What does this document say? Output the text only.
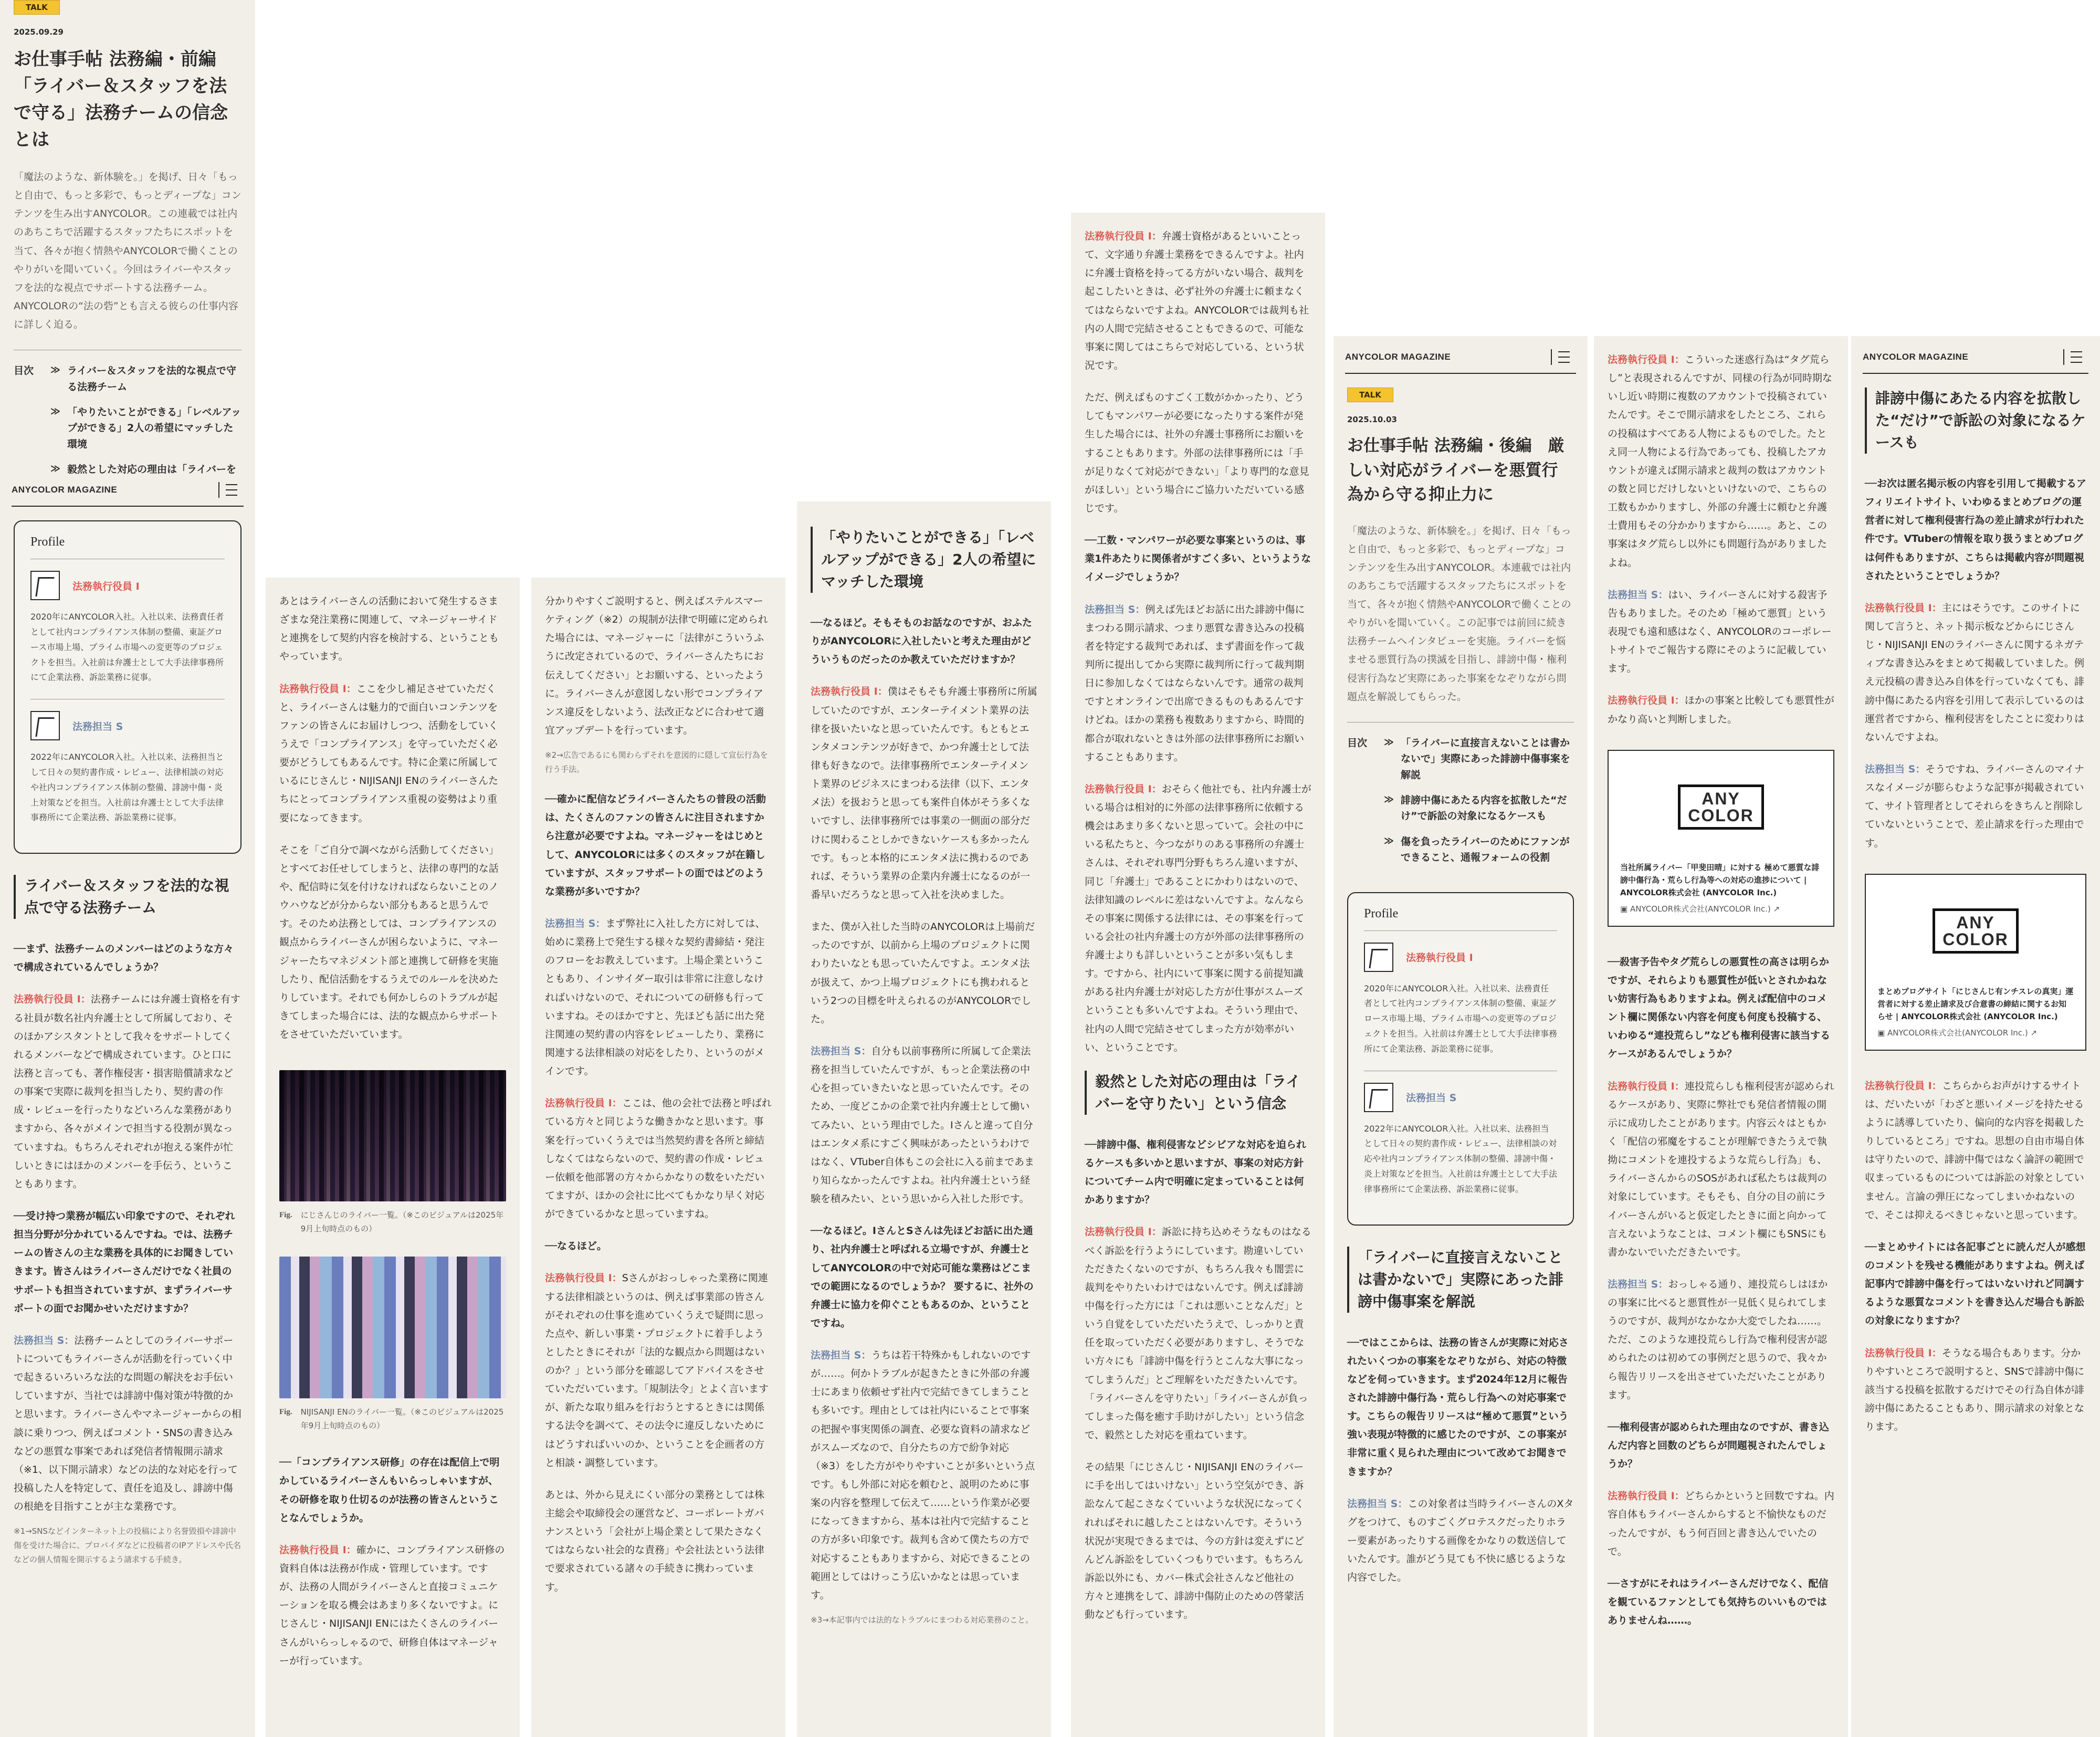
TALK
2025.09.29
お仕事手帖 法務編・前編 「ライバー＆スタッフを法で守る」法務チームの信念とは
「魔法のような、新体験を。」を掲げ、日々「もっと自由で、もっと多彩で、もっとディープな」コンテンツを生み出すANYCOLOR。この連載では社内のあちこちで活躍するスタッフたちにスポットを当て、各々が抱く情熱やANYCOLORで働くことのやりがいを聞いていく。今回はライバーやスタッフを法的な視点でサポートする法務チーム。ANYCOLORの“法の砦”とも言える彼らの仕事内容に詳しく迫る。
目次	≫ ライバー＆スタッフを法的な視点で守る法務チーム
≫ 「やりたいことができる」「レベルアップができる」2人の希望にマッチした環境
≫ 毅然とした対応の理由は「ライバーを
ANYCOLOR MAGAZINE
Profile
法務執行役員 I
2020年にANYCOLOR入社。入社以来、法務責任者として社内コンプライアンス体制の整備、東証グロース市場上場、プライム市場への変更等のプロジェクトを担当。入社前は弁護士として大手法律事務所にて企業法務、訴訟業務に従事。
法務担当 S
2022年にANYCOLOR入社。入社以来、法務担当として日々の契約書作成・レビュー、法律相談の対応や社内コンプライアンス体制の整備、誹謗中傷・炎上対策などを担当。入社前は弁護士として大手法律事務所にて企業法務、訴訟業務に従事。
ライバー＆スタッフを法的な視点で守る法務チーム

──まず、法務チームのメンバーはどのような方々で構成されているんでしょうか？

法務執行役員 I：法務チームには弁護士資格を有する社員が数名社内弁護士として所属しており、そのほかアシスタントとして我々をサポートしてくれるメンバーなどで構成されています。ひと口に法務と言っても、著作権侵害・損害賠償請求などの事案で実際に裁判を担当したり、契約書の作成・レビューを行ったりなどいろんな業務がありますから、各々がメインで担当する役割が異なっていますね。もちろんそれぞれが抱える案件が忙しいときにはほかのメンバーを手伝う、ということもあります。

──受け持つ業務が幅広い印象ですので、それぞれ担当分野が分かれているんですね。では、法務チームの皆さんの主な業務を具体的にお聞きしていきます。皆さんはライバーさんだけでなく社員のサポートも担当されていますが、まずライバーサポートの面でお聞かせいただけますか？

法務担当 S：法務チームとしてのライバーサポートについてもライバーさんが活動を行っていく中で起きるいろいろな法的な問題の解決をお手伝いしていますが、当社では誹謗中傷対策が特徴的かと思います。ライバーさんやマネージャーからの相談に乗りつつ、例えばコメント・SNSの書き込みなどの悪質な事案であれば発信者情報開示請求（※1、以下開示請求）などの法的な対応を行って投稿した人を特定して、責任を追及し、誹謗中傷の根絶を目指すことが主な業務です。

※1→SNSなどインターネット上の投稿により名誉毀損や誹謗中傷を受けた場合に、プロバイダなどに投稿者のIPアドレスや氏名などの個人情報を開示するよう請求する手続き。

あとはライバーさんの活動において発生するさまざまな発注業務に関連して、マネージャーサイドと連携をして契約内容を検討する、ということもやっています。

法務執行役員 I：ここを少し補足させていただくと、ライバーさんは魅力的で面白いコンテンツをファンの皆さんにお届けしつつ、活動をしていくうえで「コンプライアンス」を守っていただく必要がどうしてもあるんです。特に企業に所属しているにじさんじ・NIJISANJI ENのライバーさんたちにとってコンプライアンス重視の姿勢はより重要になってきます。

そこを「ご自分で調べながら活動してください」とすべてお任せしてしまうと、法律の専門的な話や、配信時に気を付けなければならないことのノウハウなどが分からない部分もあると思うんです。そのため法務としては、コンプライアンスの観点からライバーさんが困らないように、マネージャーたちマネジメント部と連携して研修を実施したり、配信活動をするうえでのルールを決めたりしています。それでも何かしらのトラブルが起きてしまった場合には、法的な観点からサポートをさせていただいています。

Fig. にじさんじのライバー一覧。（※このビジュアルは2025年9月上旬時点のもの）
Fig. NIJISANJI ENのライバー一覧。（※このビジュアルは2025年9月上旬時点のもの）

──「コンプライアンス研修」の存在は配信上で明かしているライバーさんもいらっしゃいますが、その研修を取り仕切るのが法務の皆さんということなんでしょうか。

法務執行役員 I：確かに、コンプライアンス研修の資料自体は法務が作成・管理しています。ですが、法務の人間がライバーさんと直接コミュニケーションを取る機会はあまり多くないですよ。にじさんじ・NIJISANJI ENにはたくさんのライバーさんがいらっしゃるので、研修自体はマネージャーが行っています。

分かりやすくご説明すると、例えばステルスマーケティング（※2）の規制が法律で明確に定められた場合には、マネージャーに「法律がこういうふうに改定されているので、ライバーさんたちにお伝えしてください」とお願いする、といったように。ライバーさんが意図しない形でコンプライアンス違反をしないよう、法改正などに合わせて適宜アップデートを行っています。

※2→広告であるにも関わらずそれを意図的に隠して宣伝行為を行う手法。

──確かに配信などライバーさんたちの普段の活動は、たくさんのファンの皆さんに注目されますから注意が必要ですよね。マネージャーをはじめとして、ANYCOLORには多くのスタッフが在籍していますが、スタッフサポートの面ではどのような業務が多いですか？

法務担当 S：まず弊社に入社した方に対しては、始めに業務上で発生する様々な契約書締結・発注のフローをお教えしています。上場企業ということもあり、インサイダー取引は非常に注意しなければいけないので、それについての研修も行っていますね。そのほかですと、先ほども話に出た発注関連の契約書の内容をレビューしたり、業務に関連する法律相談の対応をしたり、というのがメインです。

法務執行役員 I：ここは、他の会社で法務と呼ばれている方々と同じような働きかなと思います。事案を行っていくうえでは当然契約書を各所と締結しなくてはならないので、契約書の作成・レビュー依頼を他部署の方々からかなりの数をいただいてますが、ほかの会社に比べてもかなり早く対応ができているかなと思っていますね。

──なるほど。

法務執行役員 I：Sさんがおっしゃった業務に関連する法律相談というのは、例えば事業部の皆さんがそれぞれの仕事を進めていくうえで疑問に思った点や、新しい事業・プロジェクトに着手しようとしたときにそれが「法的な観点から問題はないのか？」という部分を確認してアドバイスをさせていただいています。「規制法令」とよく言いますが、新たな取り組みを行おうとするときには関係する法令を調べて、その法令に違反しないためにはどうすればいいのか、ということを企画者の方と相談・調整しています。

あとは、外から見えにくい部分の業務としては株主総会や取締役会の運営など、コーポレートガバナンスという「会社が上場企業として果たさなくてはならない社会的な責務」や会社法という法律で要求されている諸々の手続きに携わっています。

「やりたいことができる」「レベルアップができる」2人の希望にマッチした環境

──なるほど。そもそものお話なのですが、おふたりがANYCOLORに入社したいと考えた理由がどういうものだったのか教えていただけますか？

法務執行役員 I：僕はそもそも弁護士事務所に所属していたのですが、エンターテイメント業界の法律を扱いたいなと思っていたんです。もともとエンタメコンテンツが好きで、かつ弁護士として法律も好きなので。法律事務所でエンターテイメント業界のビジネスにまつわる法律（以下、エンタメ法）を扱おうと思っても案件自体がそう多くないですし、法律事務所では事業の一側面の部分だけに関わることしかできないケースも多かったんです。もっと本格的にエンタメ法に携わるのであれば、そういう業界の企業内弁護士になるのが一番早いだろうなと思って入社を決めました。

また、僕が入社した当時のANYCOLORは上場前だったのですが、以前から上場のプロジェクトに関わりたいなとも思っていたんですよ。エンタメ法が扱えて、かつ上場プロジェクトにも携われるという2つの目標を叶えられるのがANYCOLORでした。

法務担当 S：自分も以前事務所に所属して企業法務を担当していたんですが、もっと企業法務の中心を担っていきたいなと思っていたんです。そのため、一度どこかの企業で社内弁護士として働いてみたい、という理由でした。Iさんと違って自分はエンタメ系にすごく興味があったというわけではなく、VTuber自体もこの会社に入る前まであまり知らなかったんですよね。社内弁護士という経験を積みたい、という思いから入社した形です。

──なるほど。IさんとSさんは先ほどお話に出た通り、社内弁護士と呼ばれる立場ですが、弁護士としてANYCOLORの中で対応可能な業務はどこまでの範囲になるのでしょうか？ 要するに、社外の弁護士に協力を仰ぐこともあるのか、ということですね。

法務担当 S：うちは若干特殊かもしれないのですが……。何かトラブルが起きたときに外部の弁護士にあまり依頼せず社内で完結できてしまうことも多いです。理由としては社内にいることで事案の把握や事実関係の調査、必要な資料の請求などがスムーズなので、自分たちの方で紛争対応（※3）をした方がやりやすいことが多いという点です。もし外部に対応を頼むと、説明のために事案の内容を整理して伝えて……という作業が必要になってきますから、基本は社内で完結することの方が多い印象です。裁判も含めて僕たちの方で対応することもありますから、対応できることの範囲としてはけっこう広いかなとは思っています。

※3→本記事内では法的なトラブルにまつわる対応業務のこと。

法務執行役員 I：弁護士資格があるといいことって、文字通り弁護士業務をできるんですよ。社内に弁護士資格を持ってる方がいない場合、裁判を起こしたいときは、必ず社外の弁護士に頼まなくてはならないですよね。ANYCOLORでは裁判も社内の人間で完結させることもできるので、可能な事案に関してはこちらで対応している、という状況です。

ただ、例えばものすごく工数がかかったり、どうしてもマンパワーが必要になったりする案件が発生した場合には、社外の弁護士事務所にお願いをすることもあります。外部の法律事務所には「手が足りなくて対応ができない」「より専門的な意見がほしい」という場合にご協力いただいている感じです。

──工数・マンパワーが必要な事案というのは、事業1件あたりに関係者がすごく多い、というようなイメージでしょうか？

法務担当 S：例えば先ほどお話に出た誹謗中傷にまつわる開示請求、つまり悪質な書き込みの投稿者を特定する裁判であれば、まず書面を作って裁判所に提出してから実際に裁判所に行って裁判期日に参加しなくてはならないんです。通常の裁判ですとオンラインで出席できるものもあるんですけどね。ほかの業務も複数ありますから、時間的都合が取れないときは外部の法律事務所にお願いすることもあります。

法務執行役員 I：おそらく他社でも、社内弁護士がいる場合は相対的に外部の法律事務所に依頼する機会はあまり多くないと思っていて。会社の中にいる私たちと、今つながりのある事務所の弁護士さんは、それぞれ専門分野もちろん違いますが、同じ「弁護士」であることにかわりはないので、法律知識のレベルに差はないんですよ。なんならその事案に関係する法律には、その事案を行っている会社の社内弁護士の方が外部の法律事務所の弁護士よりも詳しいということが多い気もします。ですから、社内にいて事案に関する前提知識がある社内弁護士が対応した方が仕事がスムーズということも多いんですよね。そういう理由で、社内の人間で完結させてしまった方が効率がいい、ということです。

毅然とした対応の理由は「ライバーを守りたい」という信念

──誹謗中傷、権利侵害などシビアな対応を迫られるケースも多いかと思いますが、事案の対応方針についてチーム内で明確に定まっていることは何かありますか？

法務執行役員 I：訴訟に持ち込めそうなものはなるべく訴訟を行うようにしています。勘違いしていただきたくないのですが、もちろん我々も闇雲に裁判をやりたいわけではないんです。例えば誹謗中傷を行った方には「これは悪いことなんだ」という自覚をしていただいたうえで、しっかりと責任を取っていただく必要がありますし、そうでない方々にも「誹謗中傷を行うとこんな大事になってしまうんだ」とご理解をいただきたいんです。「ライバーさんを守りたい」「ライバーさんが負ってしまった傷を癒す手助けがしたい」という信念で、毅然とした対応を重ねています。

その結果「にじさんじ・NIJISANJI ENのライバーに手を出してはいけない」という空気ができ、訴訟なんて起こさなくていいような状況になってくれればそれに越したことはないんです。そういう状況が実現できるまでは、今の方針は変えずにどんどん訴訟をしていくつもりでいます。もちろん訴訟以外にも、カバー株式会社さんなど他社の方々と連携をして、誹謗中傷防止のための啓蒙活動なども行っています。

ANYCOLOR MAGAZINE
TALK
2025.10.03
お仕事手帖 法務編・後編　厳しい対応がライバーを悪質行為から守る抑止力に
「魔法のような、新体験を。」を掲げ、日々「もっと自由で、もっと多彩で、もっとディープな」コンテンツを生み出すANYCOLOR。本連載では社内のあちこちで活躍するスタッフたちにスポットを当て、各々が抱く情熱やANYCOLORで働くことのやりがいを聞いていく。この記事では前回に続き法務チームへインタビューを実施。ライバーを悩ませる悪質行為の撲滅を目指し、誹謗中傷・権利侵害行為など実際にあった事案をなぞりながら問題点を解説してもらった。
目次	≫ 「ライバーに直接言えないことは書かないで」実際にあった誹謗中傷事案を解説
≫ 誹謗中傷にあたる内容を拡散した“だけ”で訴訟の対象になるケースも
≫ 傷を負ったライバーのためにファンができること、通報フォームの役割
Profile
法務執行役員 I
2020年にANYCOLOR入社。入社以来、法務責任者として社内コンプライアンス体制の整備、東証グロース市場上場、プライム市場への変更等のプロジェクトを担当。入社前は弁護士として大手法律事務所にて企業法務、訴訟業務に従事。
法務担当 S
2022年にANYCOLOR入社。入社以来、法務担当として日々の契約書作成・レビュー、法律相談の対応や社内コンプライアンス体制の整備、誹謗中傷・炎上対策などを担当。入社前は弁護士として大手法律事務所にて企業法務、訴訟業務に従事。
「ライバーに直接言えないことは書かないで」実際にあった誹謗中傷事案を解説

──ではここからは、法務の皆さんが実際に対応されたいくつかの事案をなぞりながら、対応の特徴などを伺っていきます。まず2024年12月に報告された誹謗中傷行為・荒らし行為への対応事案です。こちらの報告リリースは“極めて悪質”という強い表現が特徴的に感じたのですが、この事案が非常に重く見られた理由について改めてお聞きできますか？

法務担当 S：この対象者は当時ライバーさんのXタグをつけて、ものすごくグロテスクだったりホラー要素があったりする画像をかなりの数送信していたんです。誰がどう見ても不快に感じるような内容でした。

法務執行役員 I：こういった迷惑行為は“タグ荒らし”と表現されるんですが、同様の行為が同時期ないし近い時期に複数のアカウントで投稿されていたんです。そこで開示請求をしたところ、これらの投稿はすべてある人物によるものでした。たとえ同一人物による行為であっても、投稿したアカウントが違えば開示請求と裁判の数はアカウントの数と同じだけしないといけないので、こちらの工数もかかりますし、外部の弁護士に頼むと弁護士費用もその分かかりますから……。あと、この事案はタグ荒らし以外にも問題行為がありましたよね。

法務担当 S：はい、ライバーさんに対する殺害予告もありました。そのため「極めて悪質」という表現でも遠和感はなく、ANYCOLORのコーポレートサイトでご報告する際にそのように記載しています。

法務執行役員 I：ほかの事案と比較しても悪質性がかなり高いと判断しました。

ANY
COLOR
当社所属ライバー「甲斐田晴」に対する 極めて悪質な誹謗中傷行為・荒らし行為等への対応の進捗について | ANYCOLOR株式会社 (ANYCOLOR Inc.)
▣ ANYCOLOR株式会社(ANYCOLOR Inc.) ↗

──殺害予告やタグ荒らしの悪質性の高さは明らかですが、それらよりも悪質性が低いとされかねない妨害行為もありますよね。例えば配信中のコメント欄に関係ない内容を何度も何度も投稿する、いわゆる“連投荒らし”なども権利侵害に該当するケースがあるんでしょうか？

法務執行役員 I：連投荒らしも権利侵害が認められるケースがあり、実際に弊社でも発信者情報の開示に成功したことがあります。内容云々はともかく「配信の邪魔をすることが理解できたうえで執拗にコメントを連投するような荒らし行為」も、ライバーさんからのSOSがあれば私たちは裁判の対象にしています。そもそも、自分の目の前にライバーさんがいると仮定したときに面と向かって言えないようなことは、コメント欄にもSNSにも書かないでいただきたいです。

法務担当 S：おっしゃる通り、連投荒らしはほかの事案に比べると悪質性が一見低く見られてしまうのですが、裁判がなかなか大変でしたね……。ただ、このような連投荒らし行為で権利侵害が認められたのは初めての事例だと思うので、我々から報告リリースを出させていただいたことがあります。

──権利侵害が認められた理由なのですが、書き込んだ内容と回数のどちらが問題視されたんでしょうか？

法務執行役員 I：どちらかというと回数ですね。内容自体もライバーさんからすると不愉快なものだったんですが、もう何百回と書き込んでいたので。

──さすがにそれはライバーさんだけでなく、配信を観ているファンとしても気持ちのいいものではありませんね……。

ANYCOLOR MAGAZINE
誹謗中傷にあたる内容を拡散した“だけ”で訴訟の対象になるケースも

──お次は匿名掲示板の内容を引用して掲載するアフィリエイトサイト、いわゆるまとめブログの運営者に対して権利侵害行為の差止請求が行われた件です。VTuberの情報を取り扱うまとめブログは何件もありますが、こちらは掲載内容が問題視されたということでしょうか？

法務執行役員 I：主にはそうです。このサイトに関して言うと、ネット掲示板などからにじさんじ・NIJISANJI ENのライバーさんに関するネガティブな書き込みをまとめて掲載していました。例え元投稿の書き込み自体を行っていなくても、誹謗中傷にあたる内容を引用して表示しているのは運営者ですから、権利侵害をしたことに変わりはないんですよね。

法務担当 S：そうですね、ライバーさんのマイナスなイメージが膨らむような記事が掲載されていて、サイト管理者としてそれらをきちんと削除していないということで、差止請求を行った理由です。

ANY
COLOR
まとめブログサイト「にじさんじ有ンチスレの真実」運営者に対する差止請求及び合意書の締結に関するお知らせ | ANYCOLOR株式会社 (ANYCOLOR Inc.)
▣ ANYCOLOR株式会社(ANYCOLOR Inc.) ↗

法務執行役員 I：こちらからお声がけするサイトは、だいたいが「わざと悪いイメージを持たせるように誘導していたり、偏向的な内容を掲載したりしているところ」ですね。思想の自由市場自体は守りたいので、誹謗中傷ではなく論評の範囲で収まっているものについては訴訟の対象としていません。言論の弾圧になってしまいかねないので、そこは抑えるべきじゃないと思っています。

──まとめサイトには各記事ごとに読んだ人が感想のコメントを残せる機能がありますよね。例えば記事内で誹謗中傷を行ってはいないけれど同調するような悪質なコメントを書き込んだ場合も訴訟の対象になりますか？

法務執行役員 I：そうなる場合もあります。分かりやすいところで説明すると、SNSで誹謗中傷に該当する投稿を拡散するだけでその行為自体が誹謗中傷にあたることもあり、開示請求の対象となります。
